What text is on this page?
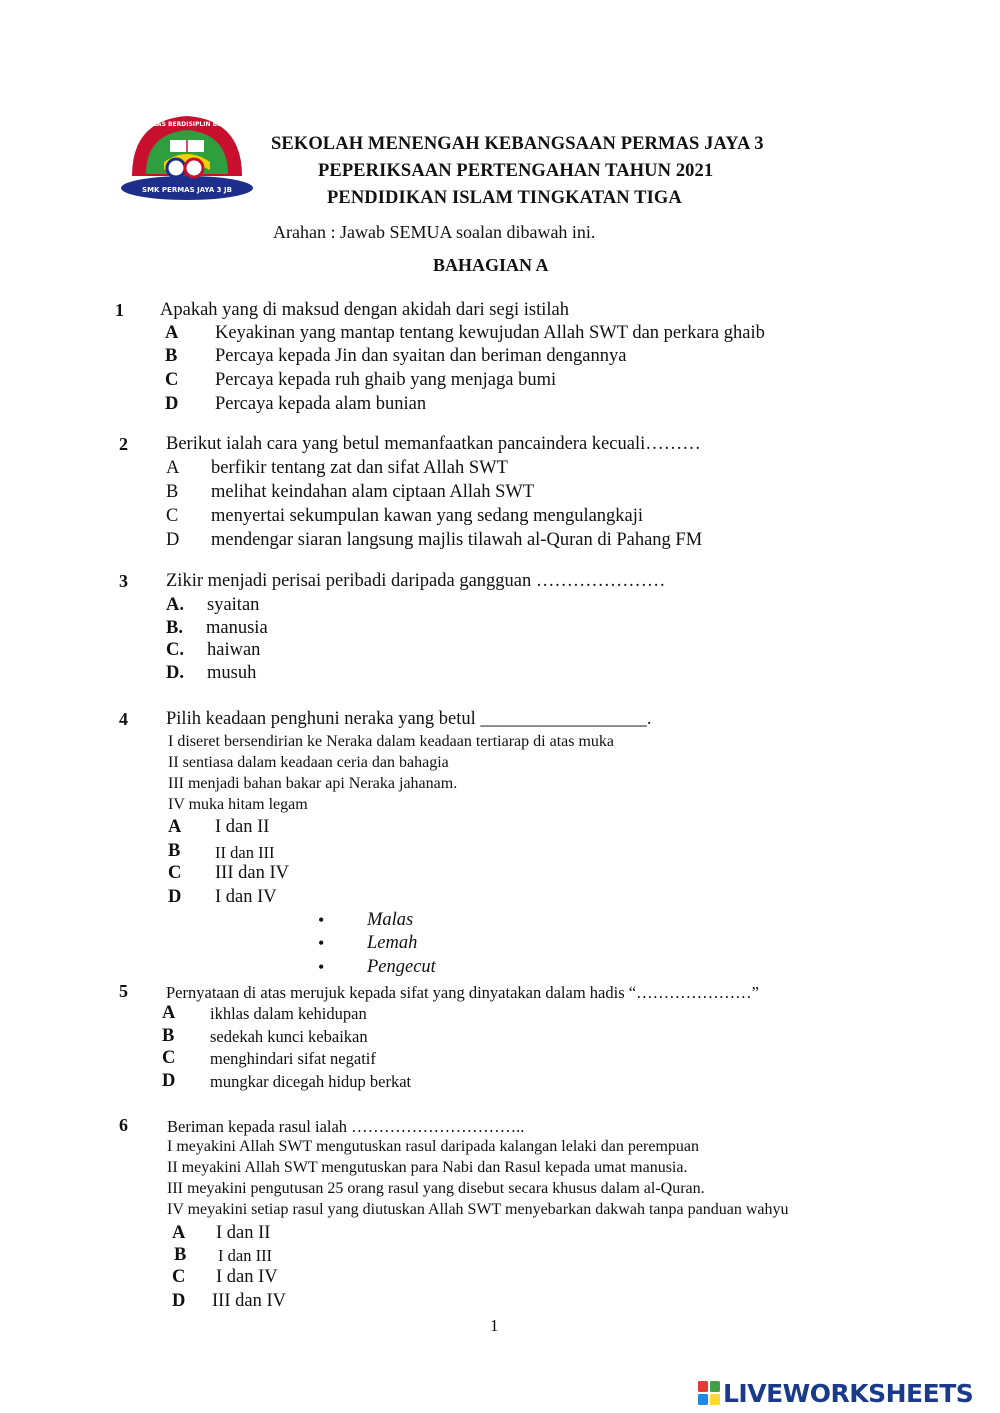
BERIKHLAS BERDISIPLIN BERBAKTI
SMK PERMAS JAYA 3 JB
SEKOLAH MENENGAH KEBANGSAAN PERMAS JAYA 3
PEPERIKSAAN PERTENGAHAN TAHUN 2021
PENDIDIKAN ISLAM TINGKATAN TIGA
Arahan : Jawab SEMUA soalan dibawah ini.
BAHAGIAN A
1 Apakah yang di maksud dengan akidah dari segi istilah
A Keyakinan yang mantap tentang kewujudan Allah SWT dan perkara ghaib
B Percaya kepada Jin dan syaitan dan beriman dengannya
C Percaya kepada ruh ghaib yang menjaga bumi
D Percaya kepada alam bunian
2 Berikut ialah cara yang betul memanfaatkan pancaindera kecuali………
A berfikir tentang zat dan sifat Allah SWT
B melihat keindahan alam ciptaan Allah SWT
C menyertai sekumpulan kawan yang sedang mengulangkaji
D mendengar siaran langsung majlis tilawah al-Quran di Pahang FM
3 Zikir menjadi perisai peribadi daripada gangguan …………………
A. syaitan
B. manusia
C. haiwan
D. musuh
4 Pilih keadaan penghuni neraka yang betul __________________.
I diseret bersendirian ke Neraka dalam keadaan tertiarap di atas muka
II sentiasa dalam keadaan ceria dan bahagia
III menjadi bahan bakar api Neraka jahanam.
IV muka hitam legam
A I dan II
B II dan III
C III dan IV
D I dan IV
• Malas
• Lemah
• Pengecut
5 Pernyataan di atas merujuk kepada sifat yang dinyatakan dalam hadis “…………………”
A ikhlas dalam kehidupan
B sedekah kunci kebaikan
C menghindari sifat negatif
D mungkar dicegah hidup berkat
6 Beriman kepada rasul ialah …………………………..
I meyakini Allah SWT mengutuskan rasul daripada kalangan lelaki dan perempuan
II meyakini Allah SWT mengutuskan para Nabi dan Rasul kepada umat manusia.
III meyakini pengutusan 25 orang rasul yang disebut secara khusus dalam al-Quran.
IV meyakini setiap rasul yang diutuskan Allah SWT menyebarkan dakwah tanpa panduan wahyu
A I dan II
B I dan III
C I dan IV
D III dan IV
1
LIVEWORKSHEETS
